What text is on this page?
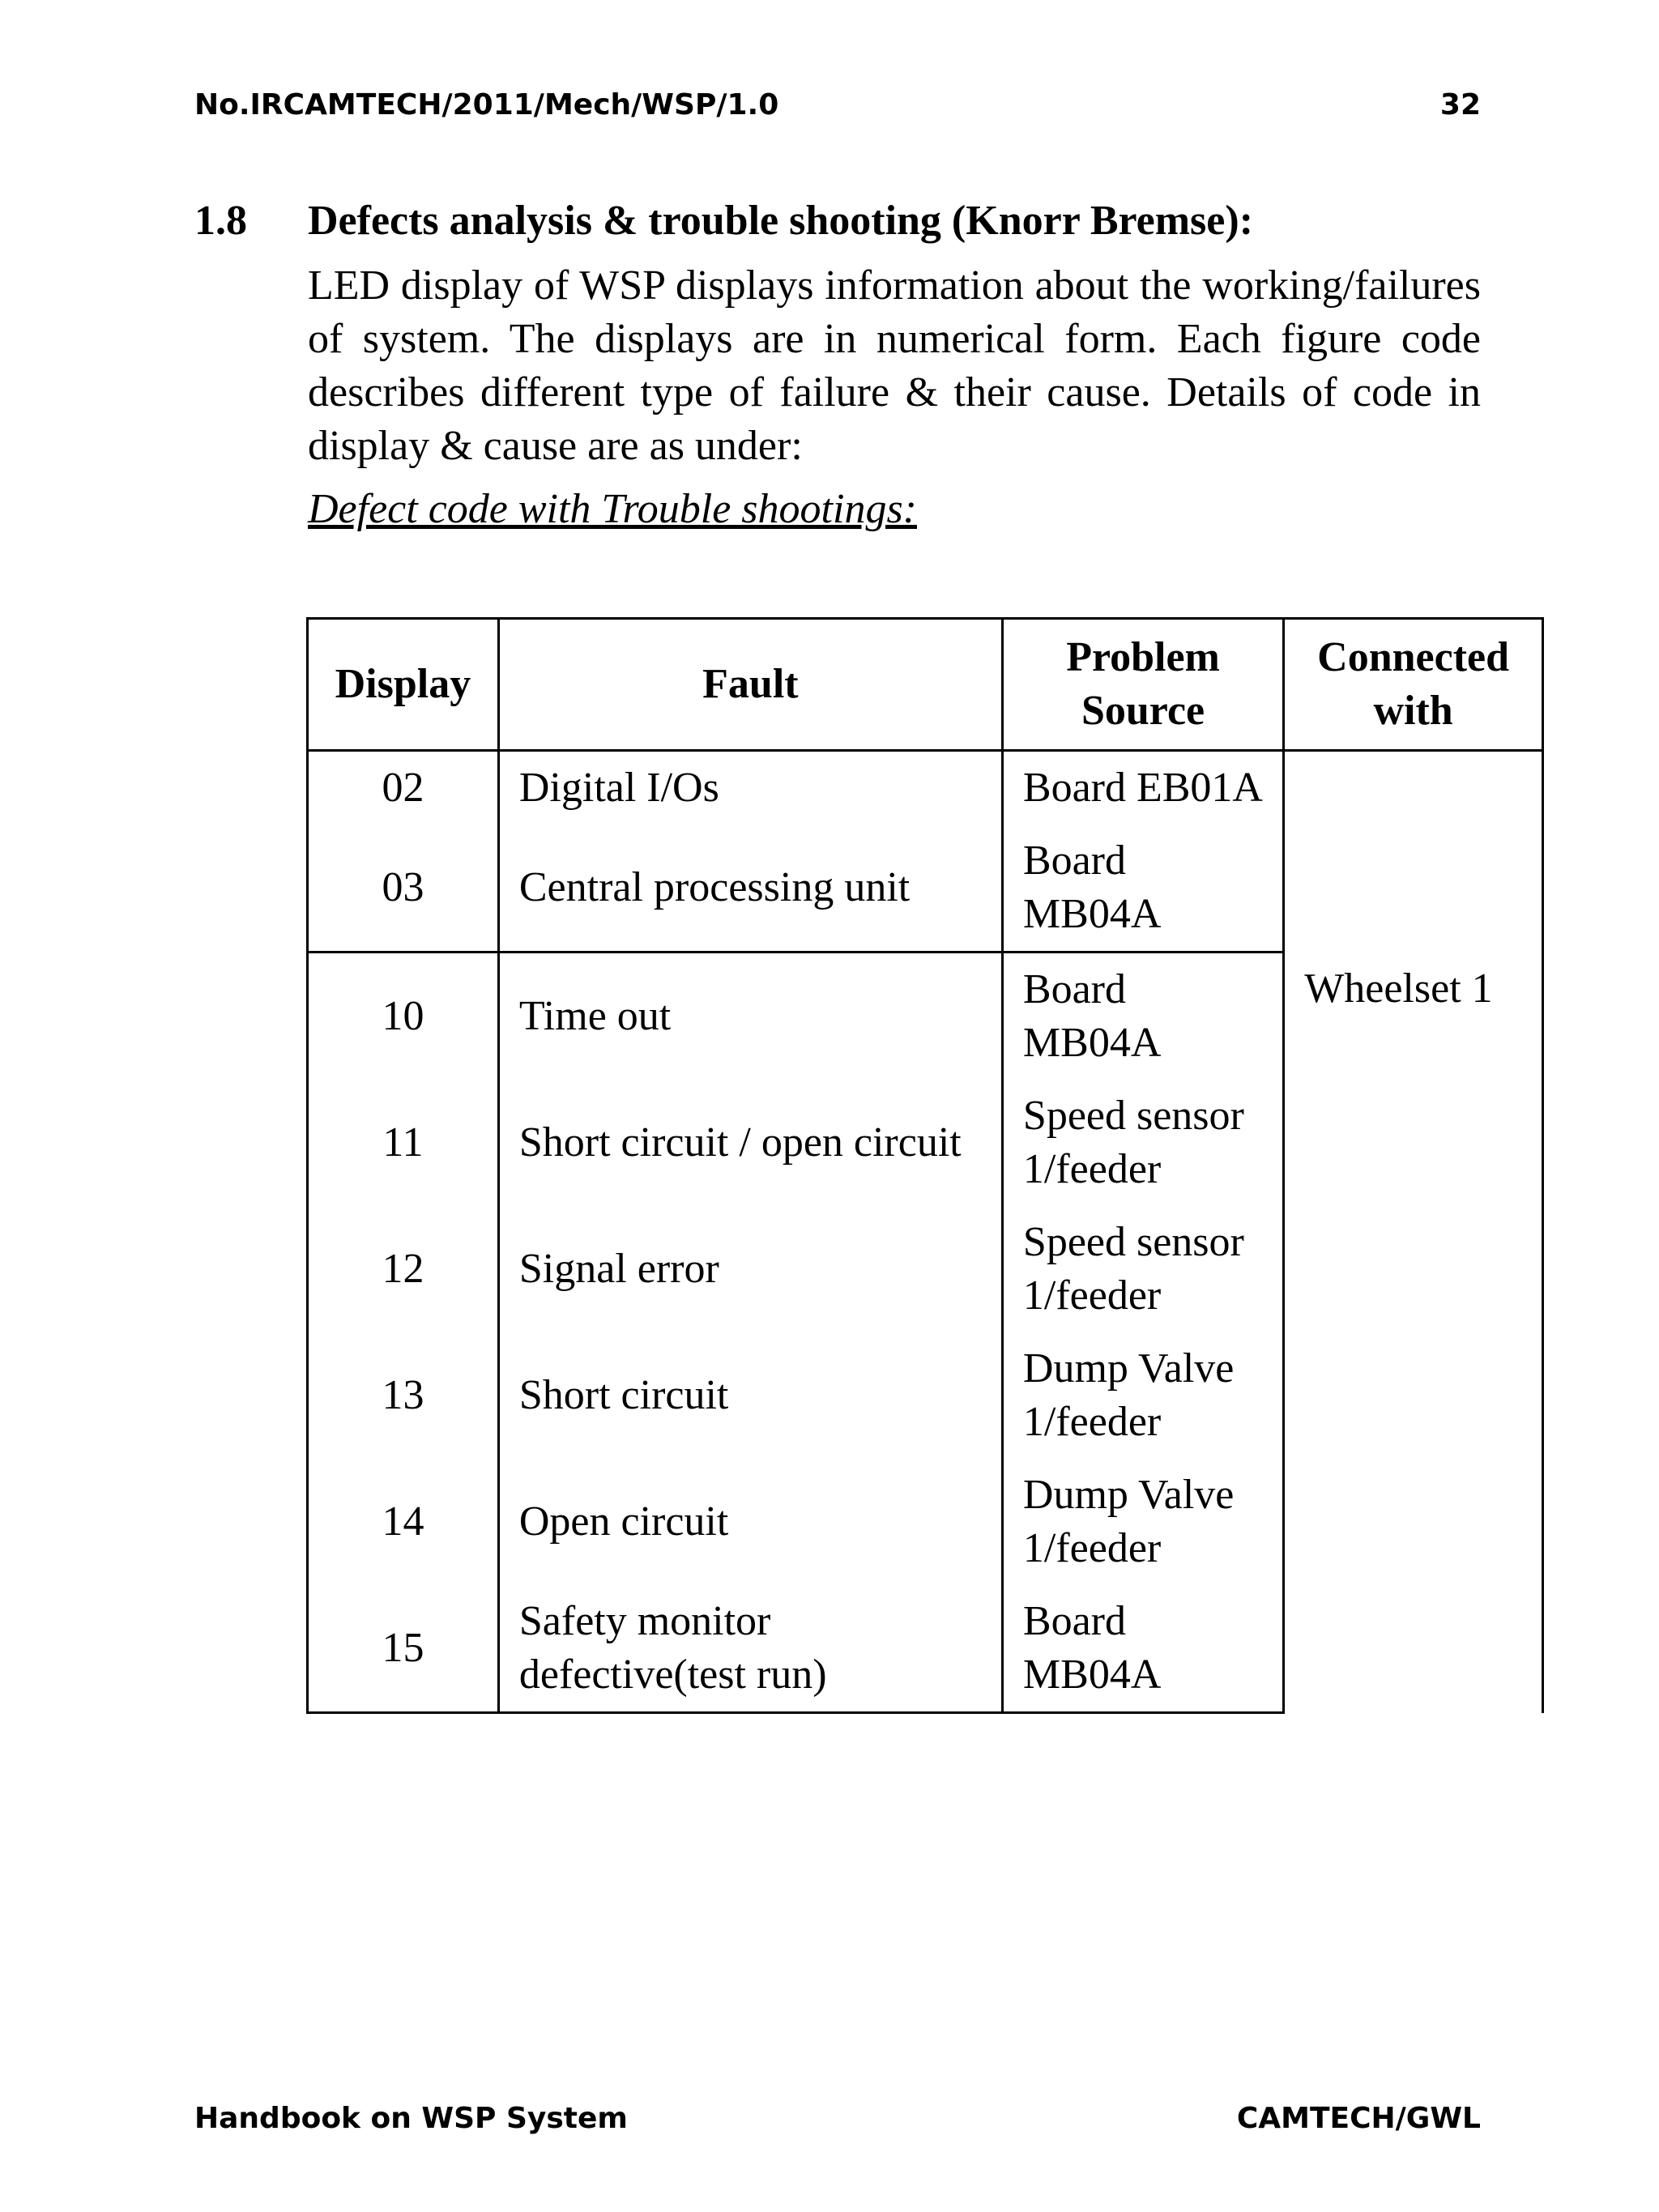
No.IRCAMTECH/2011/Mech/WSP/1.0	32
1.8 Defects analysis & trouble shooting (Knorr Bremse):

LED display of WSP displays information about the working/failures of system. The displays are in numerical form. Each figure code describes different type of failure & their cause. Details of code in display & cause are as under:

Defect code with Trouble shootings:
Display	Fault	Problem Source	Connected with
02	Digital I/Os	Board EB01A	
03	Central processing unit	Board MB04A	
10	Time out	Board MB04A	Wheelset 1
11	Short circuit / open circuit	Speed sensor 1/feeder	
12	Signal error	Speed sensor 1/feeder	
13	Short circuit	Dump Valve 1/feeder	
14	Open circuit	Dump Valve 1/feeder	
15	Safety monitor defective(test run)	Board MB04A	
Handbook on WSP System	CAMTECH/GWL
